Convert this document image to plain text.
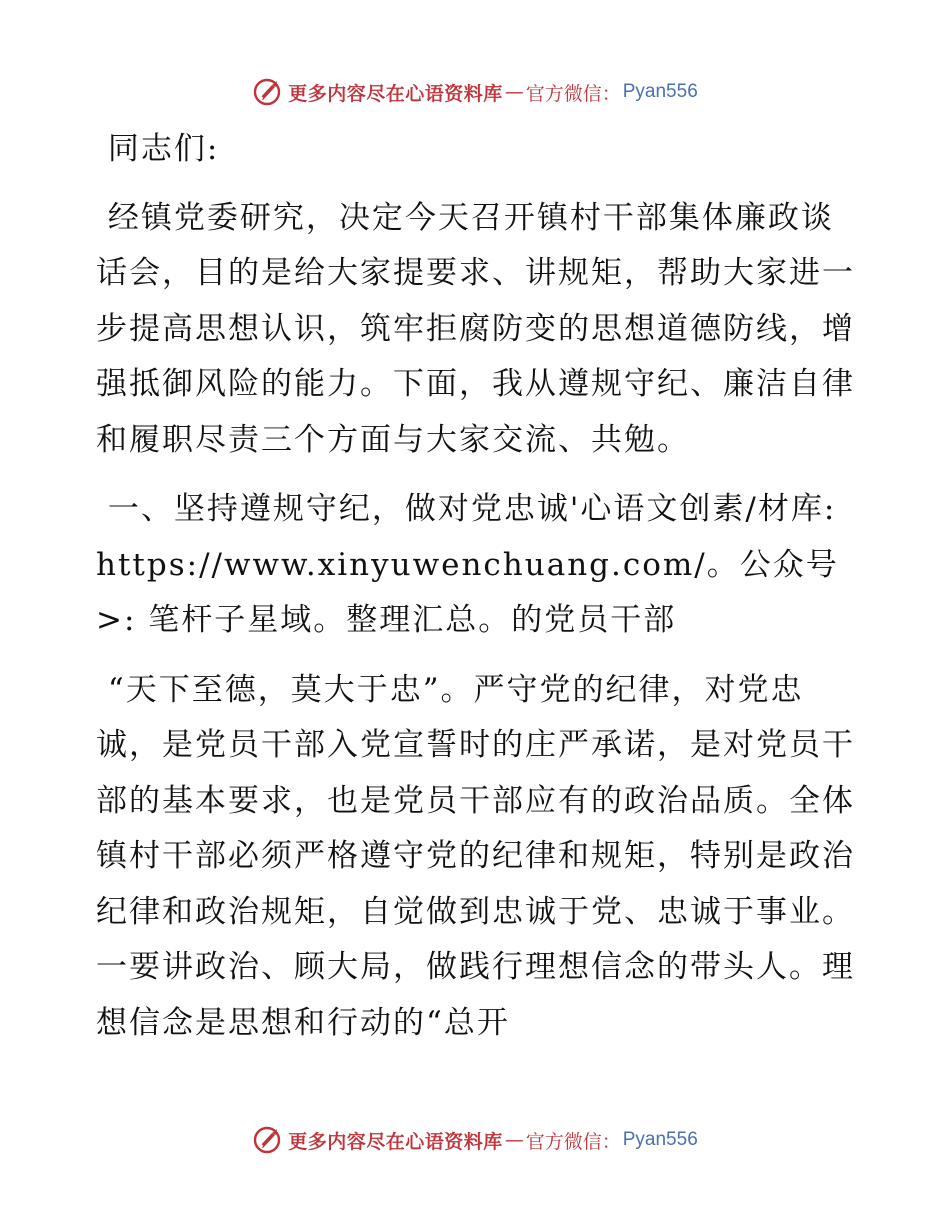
更多内容尽在心语资料库 — 官方微信： Pyan556

同志们:

经镇党委研究，决定今天召开镇村干部集体廉政谈话会，目的是给大家提要求、讲规矩，帮助大家进一步提高思想认识，筑牢拒腐防变的思想道德防线，增强抵御风险的能力。下面，我从遵规守纪、廉洁自律和履职尽责三个方面与大家交流、共勉。

一、坚持遵规守纪，做对党忠诚'心语文创素/材库: https://www.xinyuwenchuang.com/。公众号>: 笔杆子星域。整理汇总。的党员干部

“天下至德，莫大于忠”。严守党的纪律，对党忠诚，是党员干部入党宣誓时的庄严承诺，是对党员干部的基本要求，也是党员干部应有的政治品质。全体镇村干部必须严格遵守党的纪律和规矩，特别是政治纪律和政治规矩，自觉做到忠诚于党、忠诚于事业。一要讲政治、顾大局，做践行理想信念的带头人。理想信念是思想和行动的“总开

更多内容尽在心语资料库 — 官方微信： Pyan556
